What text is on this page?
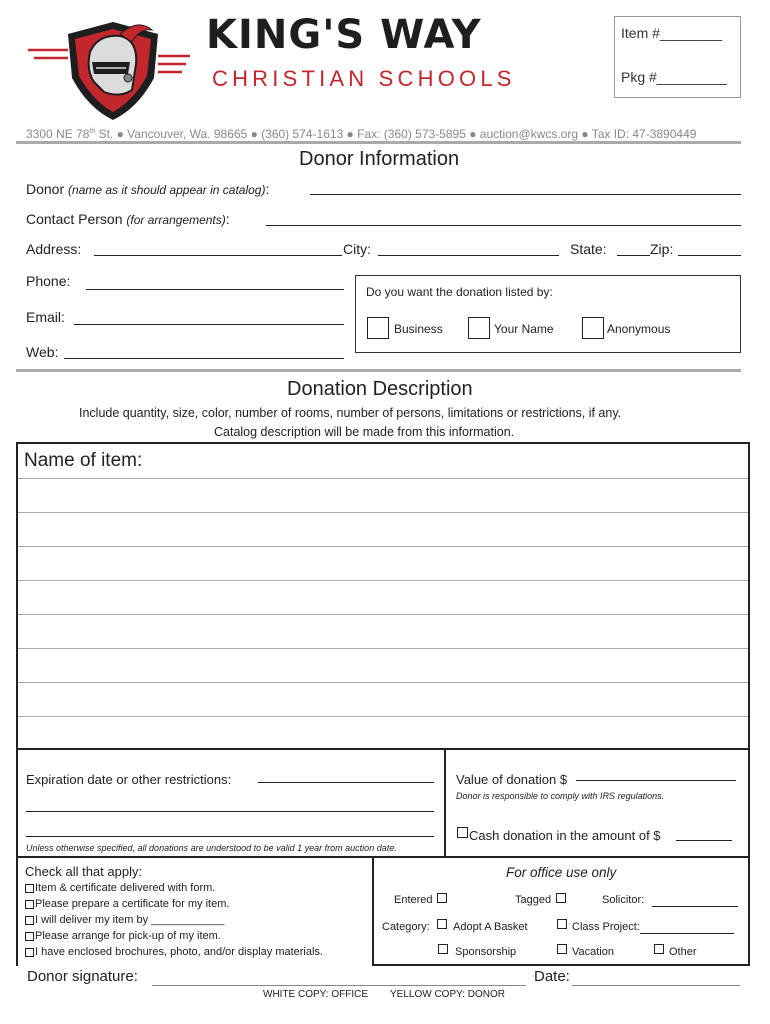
KING'S WAY
CHRISTIAN SCHOOLS
Item #________
Pkg #_________
3300 NE 78th St. ● Vancouver, Wa. 98665 ● (360) 574-1613 ● Fax: (360) 573-5895 ● auction@kwcs.org ● Tax ID: 47-3890449
Donor Information
Donor (name as it should appear in catalog):
Contact Person (for arrangements):
Address:	City:	State:	Zip:
Phone:
Email:
Web:
Do you want the donation listed by:
Business	Your Name	Anonymous
Donation Description
Include quantity, size, color, number of rooms, number of persons, limitations or restrictions, if any.
Catalog description will be made from this information.
Name of item:
Expiration date or other restrictions:
Unless otherwise specified, all donations are understood to be valid 1 year from auction date.
Value of donation $
Donor is responsible to comply with IRS regulations.
Cash donation in the amount of $
Check all that apply:
Item & certificate delivered with form.
Please prepare a certificate for my item.
I will deliver my item by ____________
Please arrange for pick-up of my item.
I have enclosed brochures, photo, and/or display materials.
For office use only
Entered	Tagged	Solicitor:
Category: Adopt A Basket	Class Project:
Sponsorship	Vacation	Other
Donor signature:	Date:
WHITE COPY: OFFICE YELLOW COPY: DONOR
